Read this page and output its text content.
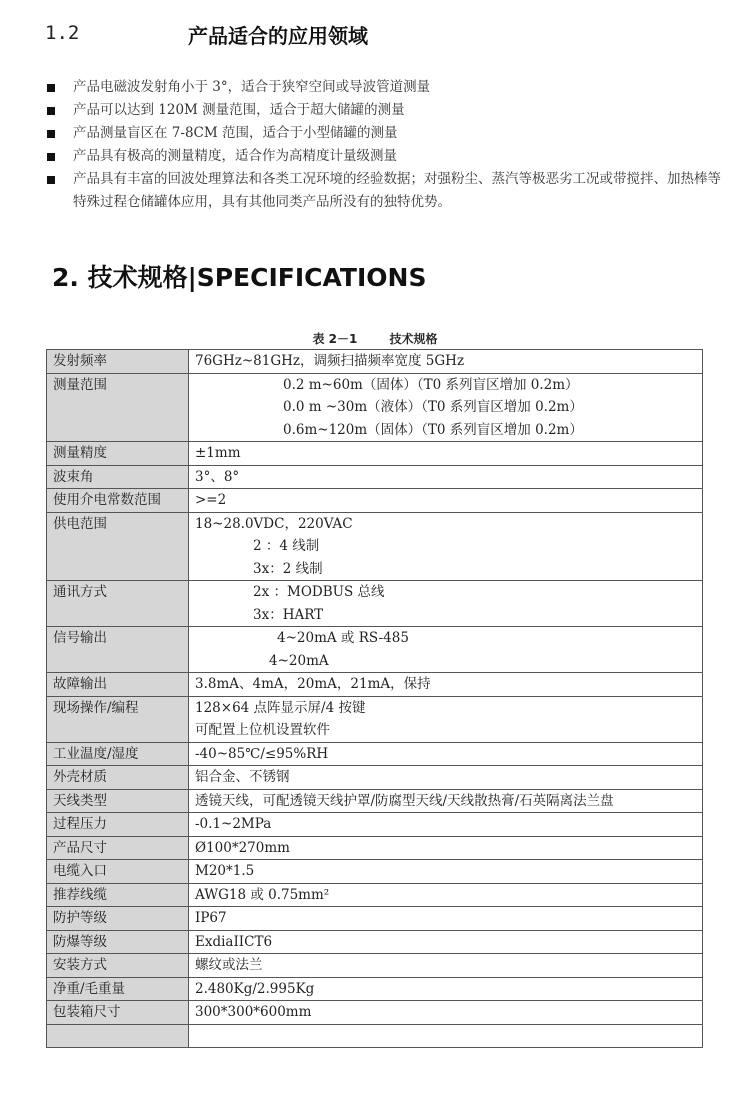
1.2	产品适合的应用领域
产品电磁波发射角小于 3°，适合于狭窄空间或导波管道测量
产品可以达到 120M 测量范围，适合于超大储罐的测量
产品测量盲区在 7-8CM 范围，适合于小型储罐的测量
产品具有极高的测量精度，适合作为高精度计量级测量
产品具有丰富的回波处理算法和各类工况环境的经验数据；对强粉尘、蒸汽等极恶劣工况或带搅拌、加热棒等特殊过程仓储罐体应用，具有其他同类产品所没有的独特优势。
2. 技术规格|SPECIFICATIONS
表 2－1	技术规格
发射频率	76GHz~81GHz，调频扫描频率宽度 5GHz

测量范围	0.2 m~60m（固体）（T0 系列盲区增加 0.2m）
0.0 m ~30m（液体）（T0 系列盲区增加 0.2m）
0.6m~120m（固体）（T0 系列盲区增加 0.2m）

测量精度	±1mm

波束角	3°、8°

使用介电常数范围	>=2

供电范围	18~28.0VDC，220VAC
2 ：4 线制
3x：2 线制

通讯方式	2x ：MODBUS 总线
3x：HART

信号输出	4~20mA 或 RS-485
4~20mA

故障输出	3.8mA、4mA，20mA，21mA，保持

现场操作/编程	128×64 点阵显示屏/4 按键
可配置上位机设置软件

工业温度/湿度	-40~85℃/≤95%RH

外壳材质	铝合金、不锈钢

天线类型	透镜天线，可配透镜天线护罩/防腐型天线/天线散热膏/石英隔离法兰盘

过程压力	-0.1~2MPa

产品尺寸	Ø100*270mm

电缆入口	M20*1.5

推荐线缆	AWG18 或 0.75mm²

防护等级	IP67

防爆等级	ExdiaIICT6

安装方式	螺纹或法兰

净重/毛重量	2.480Kg/2.995Kg

包装箱尺寸	300*300*600mm
